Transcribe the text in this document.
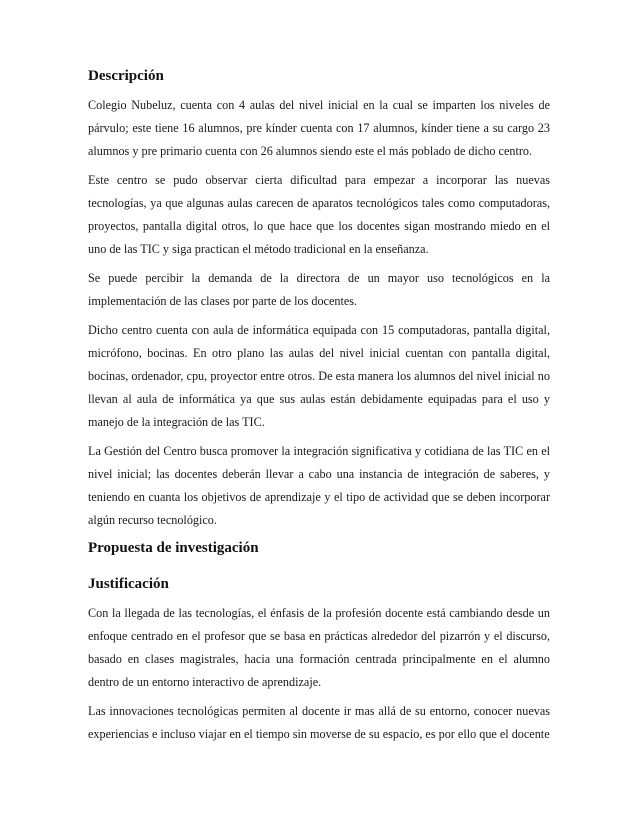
Descripción

Colegio Nubeluz, cuenta con 4 aulas del nivel inicial en la cual se imparten los niveles de párvulo; este tiene 16 alumnos, pre kínder cuenta con 17 alumnos, kínder tiene a su cargo 23 alumnos y pre primario cuenta con 26 alumnos siendo este el más poblado de dicho centro.

Este centro se pudo observar cierta dificultad para empezar a incorporar las nuevas tecnologías, ya que algunas aulas carecen de aparatos tecnológicos tales como computadoras, proyectos, pantalla digital otros, lo que hace que los docentes sigan mostrando miedo en el uno de las TIC y siga practican el método tradicional en la enseñanza.

Se puede percibir la demanda de la directora de un mayor uso tecnológicos en la implementación de las clases por parte de los docentes.

Dicho centro cuenta con aula de informática equipada con 15 computadoras, pantalla digital, micrófono, bocinas. En otro plano las aulas del nivel inicial cuentan con pantalla digital, bocinas, ordenador, cpu, proyector entre otros. De esta manera los alumnos del nivel inicial no llevan al aula de informática ya que sus aulas están debidamente equipadas para el uso y manejo de la integración de las TIC.

La Gestión del Centro busca promover la integración significativa y cotidiana de las TIC en el nivel inicial; las docentes deberán llevar a cabo una instancia de integración de saberes, y teniendo en cuanta los objetivos de aprendizaje y el tipo de actividad que se deben incorporar algún recurso tecnológico.

Propuesta de investigación
Justificación

Con la llegada de las tecnologías, el énfasis de la profesión docente está cambiando desde un enfoque centrado en el profesor que se basa en prácticas alrededor del pizarrón y el discurso, basado en clases magistrales, hacia una formación centrada principalmente en el alumno dentro de un entorno interactivo de aprendizaje.

Las innovaciones tecnológicas permiten al docente ir mas allá de su entorno, conocer nuevas experiencias e incluso viajar en el tiempo sin moverse de su espacio, es por ello que el docente
